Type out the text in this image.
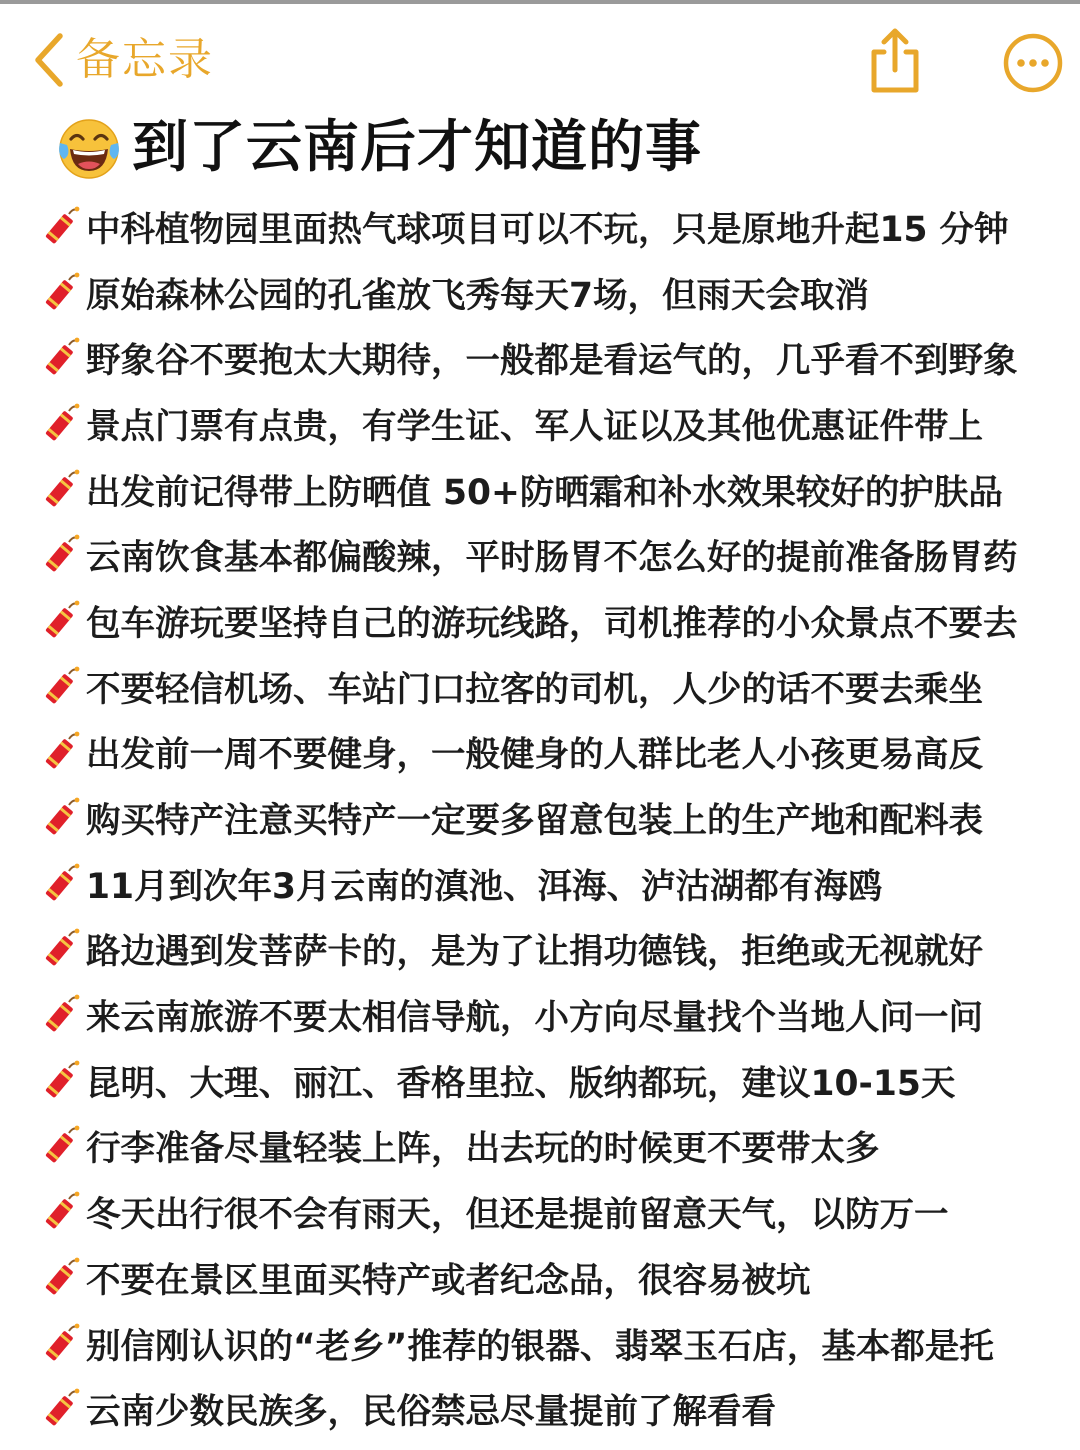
备忘录
到了云南后才知道的事
中科植物园里面热气球项目可以不玩，只是原地升起15 分钟
原始森林公园的孔雀放飞秀每天7场，但雨天会取消
野象谷不要抱太大期待，一般都是看运气的，几乎看不到野象
景点门票有点贵，有学生证、军人证以及其他优惠证件带上
出发前记得带上防晒值 50+防晒霜和补水效果较好的护肤品
云南饮食基本都偏酸辣，平时肠胃不怎么好的提前准备肠胃药
包车游玩要坚持自己的游玩线路，司机推荐的小众景点不要去
不要轻信机场、车站门口拉客的司机，人少的话不要去乘坐
出发前一周不要健身，一般健身的人群比老人小孩更易高反
购买特产注意买特产一定要多留意包装上的生产地和配料表
11月到次年3月云南的滇池、洱海、泸沽湖都有海鸥
路边遇到发菩萨卡的，是为了让捐功德钱，拒绝或无视就好
来云南旅游不要太相信导航，小方向尽量找个当地人问一问
昆明、大理、丽江、香格里拉、版纳都玩，建议10-15天
行李准备尽量轻装上阵，出去玩的时候更不要带太多
冬天出行很不会有雨天，但还是提前留意天气，以防万一
不要在景区里面买特产或者纪念品，很容易被坑
别信刚认识的“老乡”推荐的银器、翡翠玉石店，基本都是托
云南少数民族多，民俗禁忌尽量提前了解看看
